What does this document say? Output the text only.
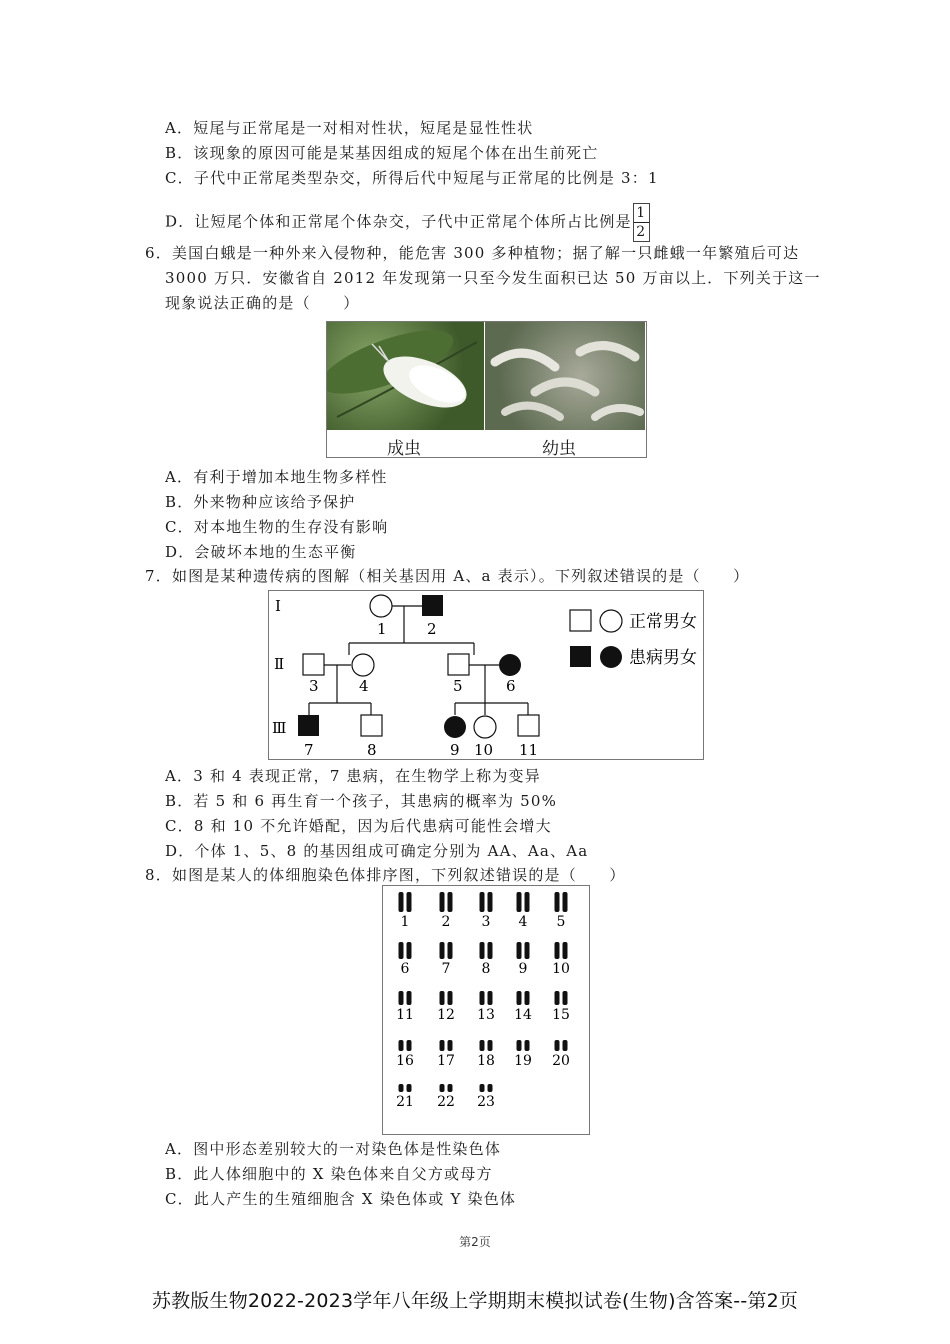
A．短尾与正常尾是一对相对性状，短尾是显性性状
B．该现象的原因可能是某基因组成的短尾个体在出生前死亡
C．子代中正常尾类型杂交，所得后代中短尾与正常尾的比例是 3：1
D．让短尾个体和正常尾个体杂交，子代中正常尾个体所占比例是 $\frac{1}{2}$
6．美国白蛾是一种外来入侵物种，能危害 300 多种植物；据了解一只雌蛾一年繁殖后可达
3000 万只．安徽省自 2012 年发现第一只至今发生面积已达 50 万亩以上．下列关于这一
现象说法正确的是（　　）
成虫	幼虫
A．有利于增加本地生物多样性
B．外来物种应该给予保护
C．对本地生物的生存没有影响
D．会破坏本地的生态平衡
7．如图是某种遗传病的图解（相关基因用 A、a 表示）。下列叙述错误的是（　　）
Ⅰ
Ⅱ
Ⅲ
1	2
3	4	5	6
7	8	9 10 11
正常男女
患病男女
A．3 和 4 表现正常，7 患病，在生物学上称为变异
B．若 5 和 6 再生育一个孩子，其患病的概率为 50%
C．8 和 10 不允许婚配，因为后代患病可能性会增大
D．个体 1、5、8 的基因组成可确定分别为 AA、Aa、Aa
8．如图是某人的体细胞染色体排序图，下列叙述错误的是（　　）
1 2 3 4 5
6 7 8 9 10
11 12 13 14 15
16 17 18 19 20
21 22 23
A．图中形态差别较大的一对染色体是性染色体
B．此人体细胞中的 X 染色体来自父方或母方
C．此人产生的生殖细胞含 X 染色体或 Y 染色体
第2页
苏教版生物2022-2023学年八年级上学期期末模拟试卷(生物)含答案--第2页
